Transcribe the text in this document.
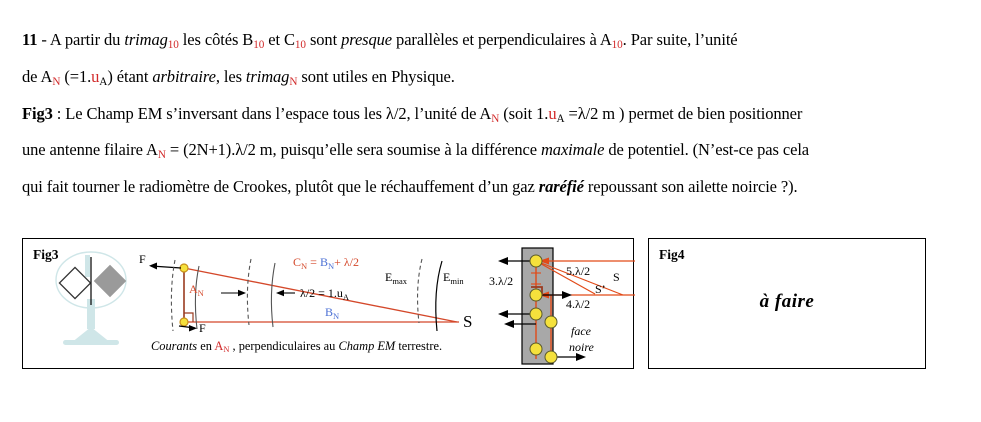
11 - A partir du trimag$_{10}$ les côtés $B_{10}$ et $C_{10}$ sont presque parallèles et perpendiculaires à $A_{10}$. Par suite, l’unité
de $A_N$ $(=1.u_A)$ étant arbitraire, les trimag$_N$ sont utiles en Physique.
Fig3 : Le Champ EM s’inversant dans l’espace tous les λ/2, l’unité de $A_N$ (soit $1.u_A =\lambda/2$ m ) permet de bien positionner
une antenne filaire $A_N = (2N+1).\lambda/2$ m, puisqu’elle sera soumise à la différence maximale de potentiel. (N’est-ce pas cela
qui fait tourner le radiomètre de Crookes, plutôt que le réchauffement d’un gaz raréfié repoussant son ailette noircie ?).
Fig3	F
F
$A_N$
$C_N = B_N+ \lambda/2$
$\lambda/2 = 1.u_A$
$B_N$
$E_{max}$	$E_{min}$
S
3.λ/2
5.λ/2
4.λ/2
S
S’
face
noire
Courants en $A_N$ , perpendiculaires au Champ EM terrestre.
Fig4
à faire
